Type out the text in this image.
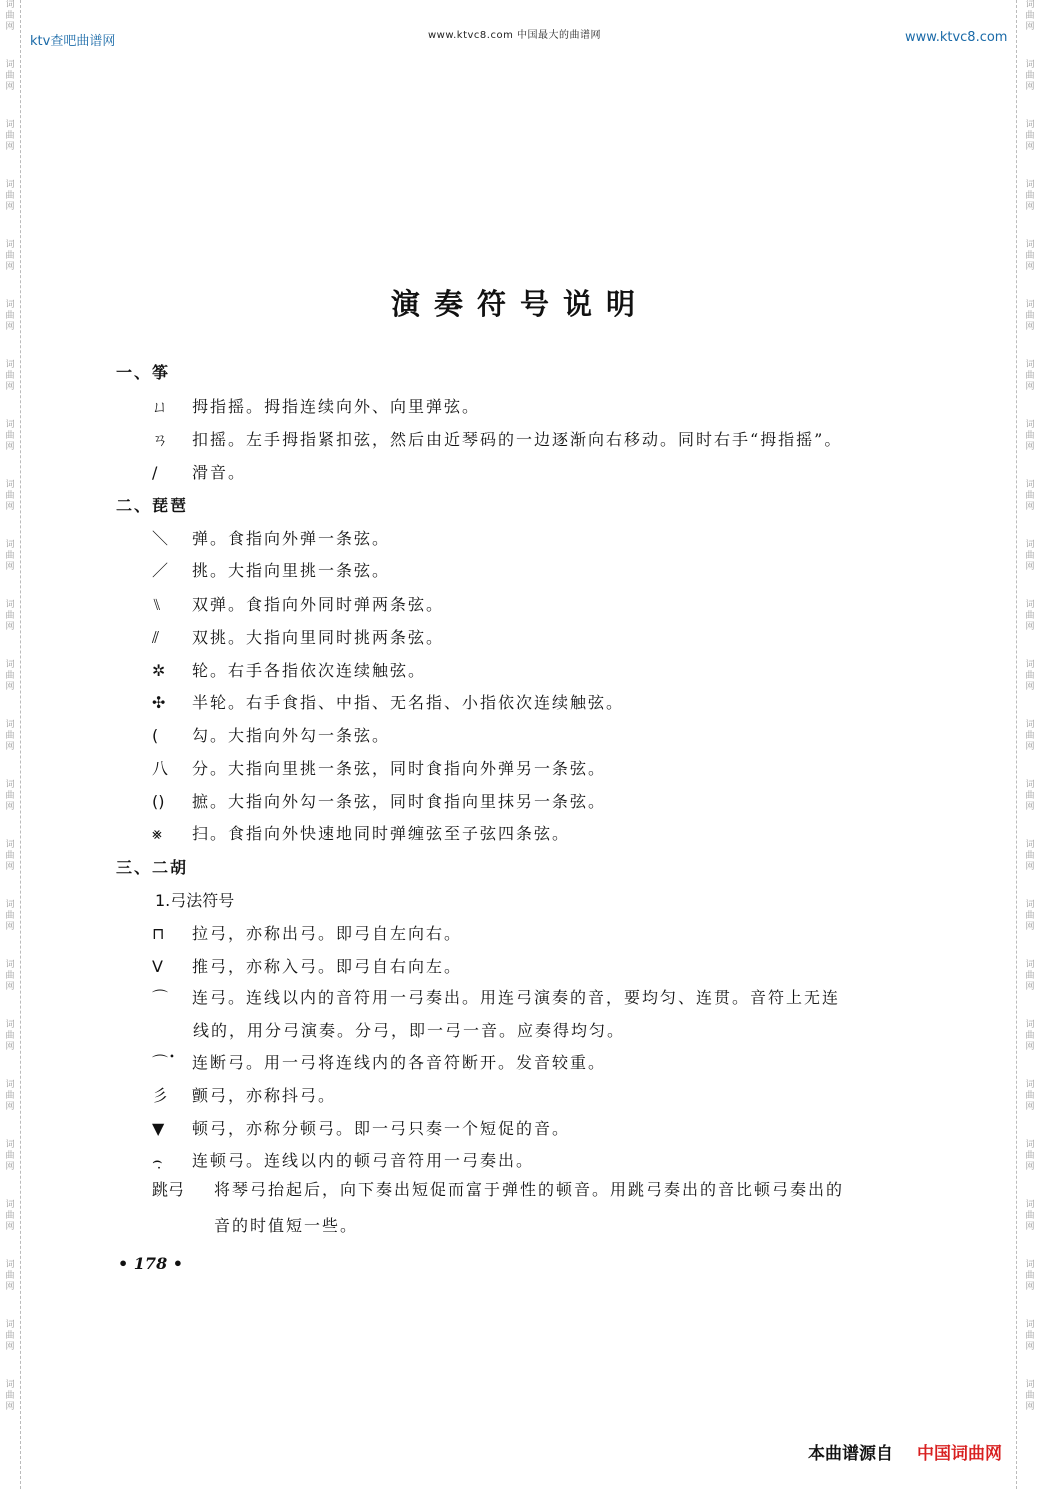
词
曲
网
词
曲
网
词
曲
网
词
曲
网
词
曲
网
词
曲
网
词
曲
网
词
曲
网
词
曲
网
词
曲
网
词
曲
网
词
曲
网
词
曲
网
词
曲
网
词
曲
网
词
曲
网
词
曲
网
词
曲
网
词
曲
网
词
曲
网
词
曲
网
词
曲
网
词
曲
网
词
曲
网
词
曲
网
词
曲
网
词
曲
网
词
曲
网
词
曲
网
词
曲
网
词
曲
网
词
曲
网
词
曲
网
词
曲
网
词
曲
网
词
曲
网
词
曲
网
词
曲
网
词
曲
网
词
曲
网
词
曲
网
词
曲
网
词
曲
网
词
曲
网
词
曲
网
词
曲
网
词
曲
网
词
曲
网
ktv查吧曲谱网	www.ktvc8.com 中国最大的曲谱网	www.ktvc8.com
演奏符号说明
一、筝
ㄩ 拇指摇。拇指连续向外、向里弹弦。
ㄢ 扣摇。左手拇指紧扣弦，然后由近琴码的一边逐渐向右移动。同时右手“拇指摇”。
/ 滑音。
二、琵琶
＼ 弹。食指向外弹一条弦。
／ 挑。大指向里挑一条弦。
⑊ 双弹。食指向外同时弹两条弦。
⫽ 双挑。大指向里同时挑两条弦。
✲ 轮。右手各指依次连续触弦。
✣ 半轮。右手食指、中指、无名指、小指依次连续触弦。
( 勾。大指向外勾一条弦。
八 分。大指向里挑一条弦，同时食指向外弹另一条弦。
() 摭。大指向外勾一条弦，同时食指向里抹另一条弦。
⨳ 扫。食指向外快速地同时弹缠弦至子弦四条弦。
三、二胡
1.弓法符号
⊓ 拉弓，亦称出弓。即弓自左向右。
V 推弓，亦称入弓。即弓自右向左。
⌒ 连弓。连线以内的音符用一弓奏出。用连弓演奏的音，要均匀、连贯。音符上无连
线的，用分弓演奏。分弓，即一弓一音。应奏得均匀。
⌒̇ 连断弓。用一弓将连线内的各音符断开。发音较重。
彡 颤弓，亦称抖弓。
▼ 顿弓，亦称分顿弓。即一弓只奏一个短促的音。
⌢̣ 连顿弓。连线以内的顿弓音符用一弓奏出。
跳弓 将琴弓抬起后，向下奏出短促而富于弹性的顿音。用跳弓奏出的音比顿弓奏出的
音的时值短一些。
• 178 •
本曲谱源自 中国词曲网
